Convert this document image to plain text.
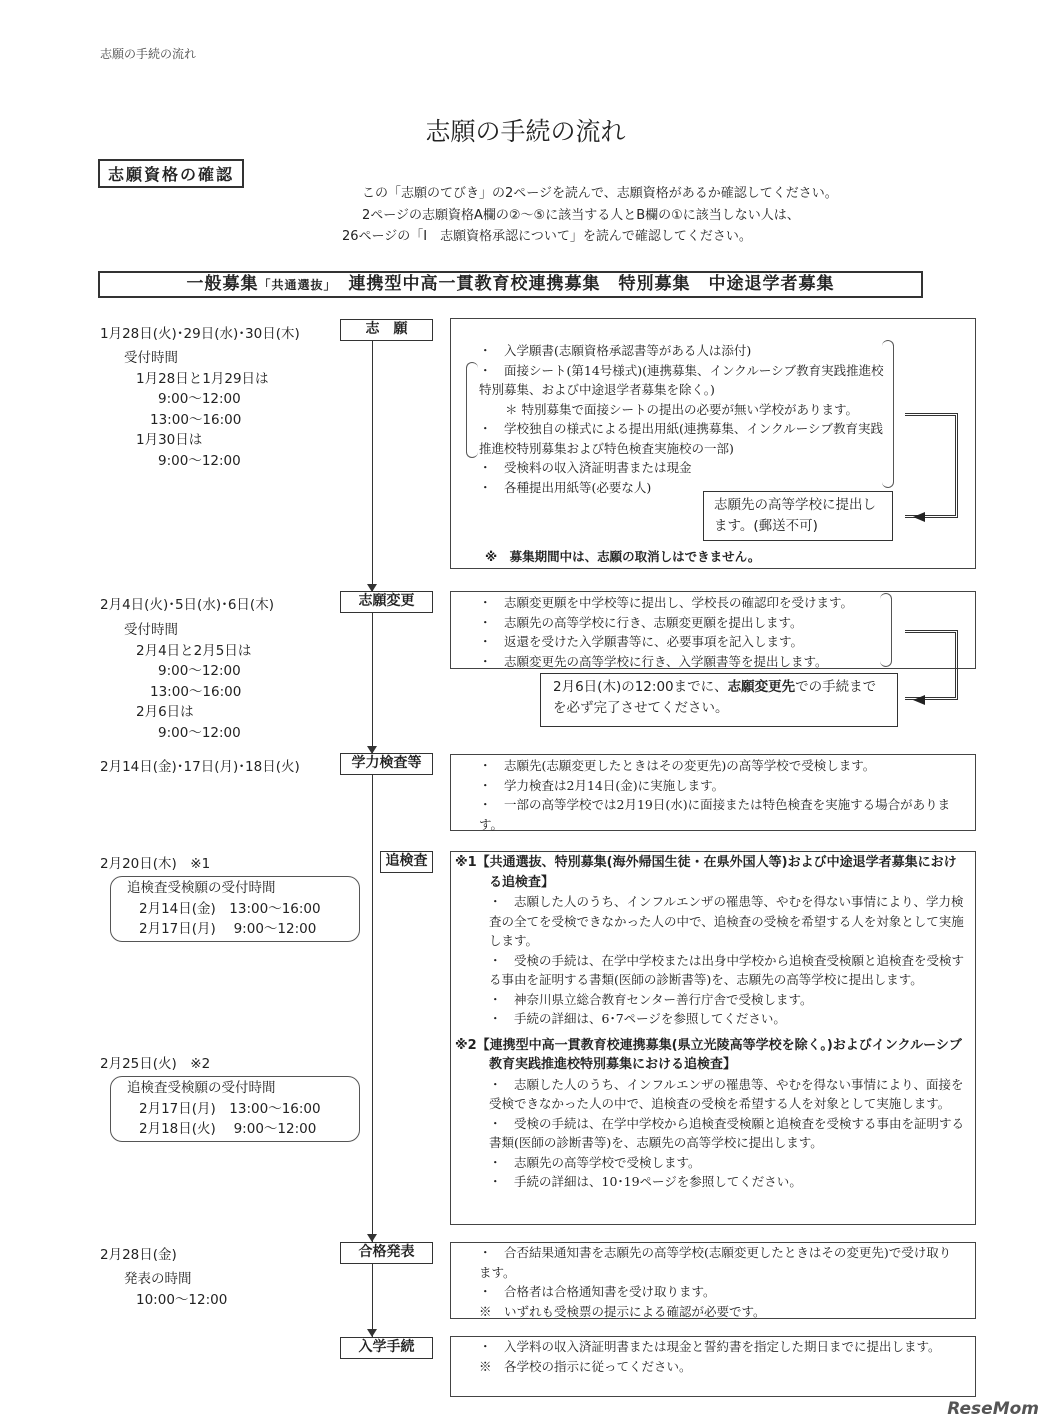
志願の手続の流れ
志願の手続の流れ
志願資格の確認
この「志願のてびき」の2ページを読んで、志願資格があるか確認してください。
2ページの志願資格A欄の②～⑤に該当する人とB欄の①に該当しない人は、
26ページの「Ⅰ　志願資格承認について」を読んで確認してください。
一般募集「共通選抜」　 連携型中高一貫教育校連携募集　特別募集　中途退学者募集
1月28日(火)･29日(水)･30日(木)	志　願
受付時間
1月28日と1月29日は
9:00～12:00
13:00～16:00
1月30日は
9:00～12:00
・　入学願書(志願資格承認書等がある人は添付)
・　面接シート(第14号様式)(連携募集、インクルーシブ教育実践推進校特別募集、および中途退学者募集を除く。)
＊ 特別募集で面接シートの提出の必要が無い学校があります。
・　学校独自の様式による提出用紙(連携募集、インクルーシブ教育実践推進校特別募集および特色検査実施校の一部)
・　受検料の収入済証明書または現金
・　各種提出用紙等(必要な人)
※　募集期間中は、志願の取消しはできません。
志願先の高等学校に提出します。(郵送不可)
2月4日(火)･5日(水)･6日(木)	志願変更
受付時間
2月4日と2月5日は
9:00～12:00
13:00～16:00
2月6日は
9:00～12:00
・　志願変更願を中学校等に提出し、学校長の確認印を受けます。
・　志願先の高等学校に行き、志願変更願を提出します。
・　返還を受けた入学願書等に、必要事項を記入します。
・　志願変更先の高等学校に行き、入学願書等を提出します。
2月6日(木)の12:00までに、志願変更先での手続までを必ず完了させてください。
2月14日(金)･17日(月)･18日(火)	学力検査等	・　志願先(志願変更したときはその変更先)の高等学校で受検します。
・　学力検査は2月14日(金)に実施します。
・　一部の高等学校では2月19日(水)に面接または特色検査を実施する場合があります。
2月20日(木)　※1	追検査
追検査受検願の受付時間
2月14日(金)　13:00～16:00
2月17日(月)　 9:00～12:00
2月25日(火)　※2
追検査受検願の受付時間
2月17日(月)　13:00～16:00
2月18日(火)　 9:00～12:00
※1【共通選抜、特別募集(海外帰国生徒・在県外国人等)および中途退学者募集における追検査】
・　志願した人のうち、インフルエンザの罹患等、やむを得ない事情により、学力検査の全てを受検できなかった人の中で、追検査の受検を希望する人を対象として実施します。
・　受検の手続は、在学中学校または出身中学校から追検査受検願と追検査を受検する事由を証明する書類(医師の診断書等)を、志願先の高等学校に提出します。
・　神奈川県立総合教育センター善行庁舎で受検します。
・　手続の詳細は、6･7ページを参照してください。
※2【連携型中高一貫教育校連携募集(県立光陵高等学校を除く。)およびインクルーシブ教育実践推進校特別募集における追検査】
・　志願した人のうち、インフルエンザの罹患等、やむを得ない事情により、面接を受検できなかった人の中で、追検査の受検を希望する人を対象として実施します。
・　受検の手続は、在学中学校から追検査受検願と追検査を受検する事由を証明する書類(医師の診断書等)を、志願先の高等学校に提出します。
・　志願先の高等学校で受検します。
・　手続の詳細は、10･19ページを参照してください。
2月28日(金)	合格発表
発表の時間
10:00～12:00
・　合否結果通知書を志願先の高等学校(志願変更したときはその変更先)で受け取ります。
・　合格者は合格通知書を受け取ります。
※　いずれも受検票の提示による確認が必要です。
入学手続	・　入学料の収入済証明書または現金と誓約書を指定した期日までに提出します。
※　各学校の指示に従ってください。
ReseMom
